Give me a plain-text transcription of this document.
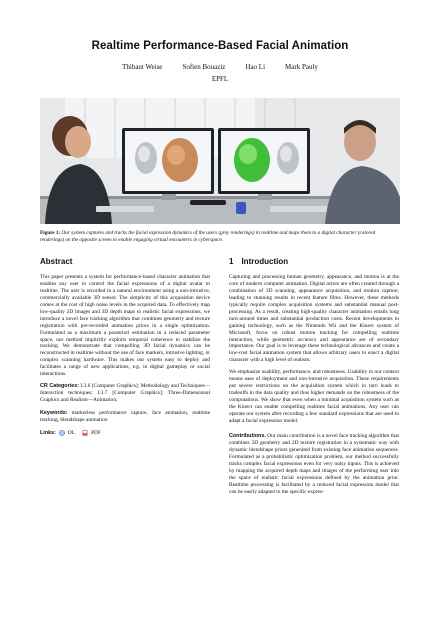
Realtime Performance-Based Facial Animation
Thibaut Weise	Sofien Bouaziz	Hao Li	Mark Pauly
EPFL
Figure 1: Our system captures and tracks the facial expression dynamics of the users (grey renderings) in realtime and maps them to a digital character (colored renderings) on the opposite screen to enable engaging virtual encounters in cyberspace.
Abstract

This paper presents a system for performance-based character animation that enables any user to control the facial expressions of a digital avatar in realtime. The user is recorded in a natural environment using a non-intrusive, commercially available 3D sensor. The simplicity of this acquisition device comes at the cost of high noise levels in the acquired data. To effectively map low-quality 2D images and 3D depth maps to realistic facial expressions, we introduce a novel face tracking algorithm that combines geometry and texture registration with pre-recorded animation priors in a single optimization. Formulated as a maximum a posteriori estimation in a reduced parameter space, our method implicitly exploits temporal coherence to stabilize the tracking. We demonstrate that compelling 3D facial dynamics can be reconstructed in realtime without the use of face markers, intrusive lighting, or complex scanning hardware. This makes our system easy to deploy and facilitates a range of new applications, e.g. in digital gameplay or social interactions.

CR Categories: I.3.6 [Computer Graphics]: Methodology and Techniques—Interaction techniques; I.3.7 [Computer Graphics]: Three-Dimensional Graphics and Realism—Animation;
Keywords: markerless performance capture, face animation, realtime tracking, blendshape animation
Links: DL	PDF
1 Introduction

Capturing and processing human geometry, appearance, and motion is at the core of modern computer animation. Digital actors are often created through a combination of 3D scanning, appearance acquisition, and motion capture, leading to stunning results in recent feature films. However, these methods typically require complex acquisition systems and substantial manual post-processing. As a result, creating high-quality character animation entails long turn-around times and substantial production costs. Recent developments in gaming technology, such as the Nintendo Wii and the Kinect system of Microsoft, focus on robust motion tracking for compelling realtime interaction, while geometric accuracy and appearance are of secondary importance. Our goal is to leverage these technological advances and create a low-cost facial animation system that allows arbitrary users to enact a digital character with a high level of realism.

We emphasize usability, performance, and robustness. Usability in our context means ease of deployment and non-intrusive acquisition. These requirements put severe restrictions on the acquisition system which in turn leads to tradeoffs in the data quality and thus higher demands on the robustness of the computations. We show that even when a minimal acquisition system such as the Kinect can enable compelling realtime facial animations. Any user can operate our system after recording a few standard expressions that are used to adapt a facial expression model.

Contributions. Our main contribution is a novel face tracking algorithm that combines 3D geometry and 2D texture registration in a systematic way with dynamic blendshape priors generated from existing face animation sequences. Formulated as a probabilistic optimization problem, our method successfully tracks complex facial expressions even for very noisy inputs. This is achieved by mapping the acquired depth maps and images of the performing user into the space of realistic facial expressions defined by the animation prior. Realtime processing is facilitated by a reduced facial expression model that can be easily adapted to the specific expres-
